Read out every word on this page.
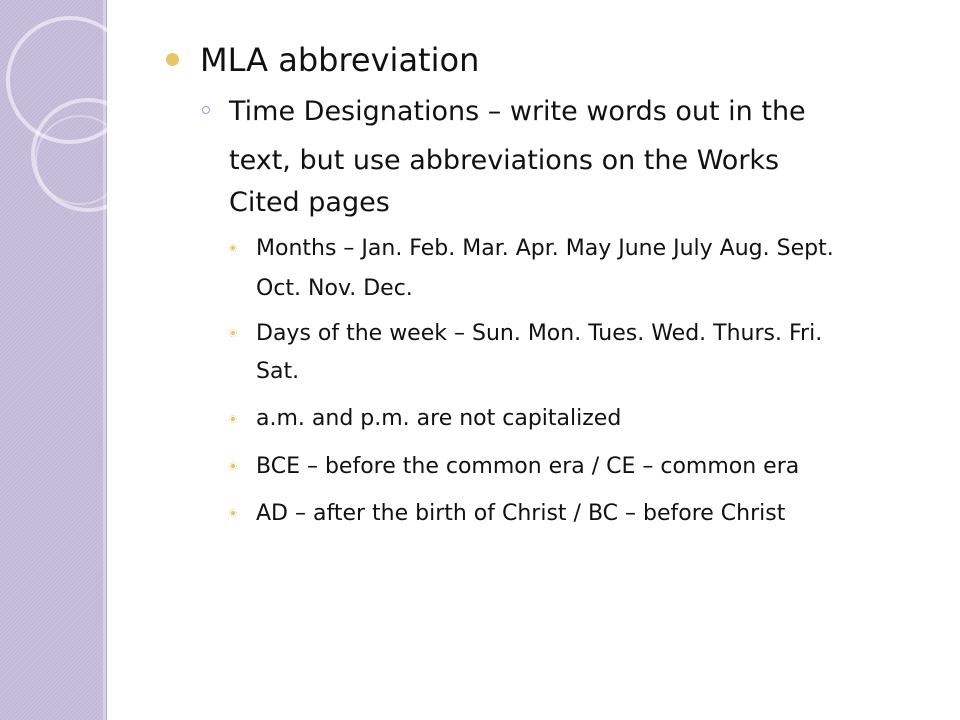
MLA abbreviation

Time Designations – write words out in the

text, but use abbreviations on the Works

Cited pages

Months – Jan. Feb. Mar. Apr. May June July Aug. Sept.

Oct. Nov. Dec.

Days of the week – Sun. Mon. Tues. Wed. Thurs. Fri.

Sat.

a.m. and p.m. are not capitalized

BCE – before the common era / CE – common era

AD – after the birth of Christ / BC – before Christ
